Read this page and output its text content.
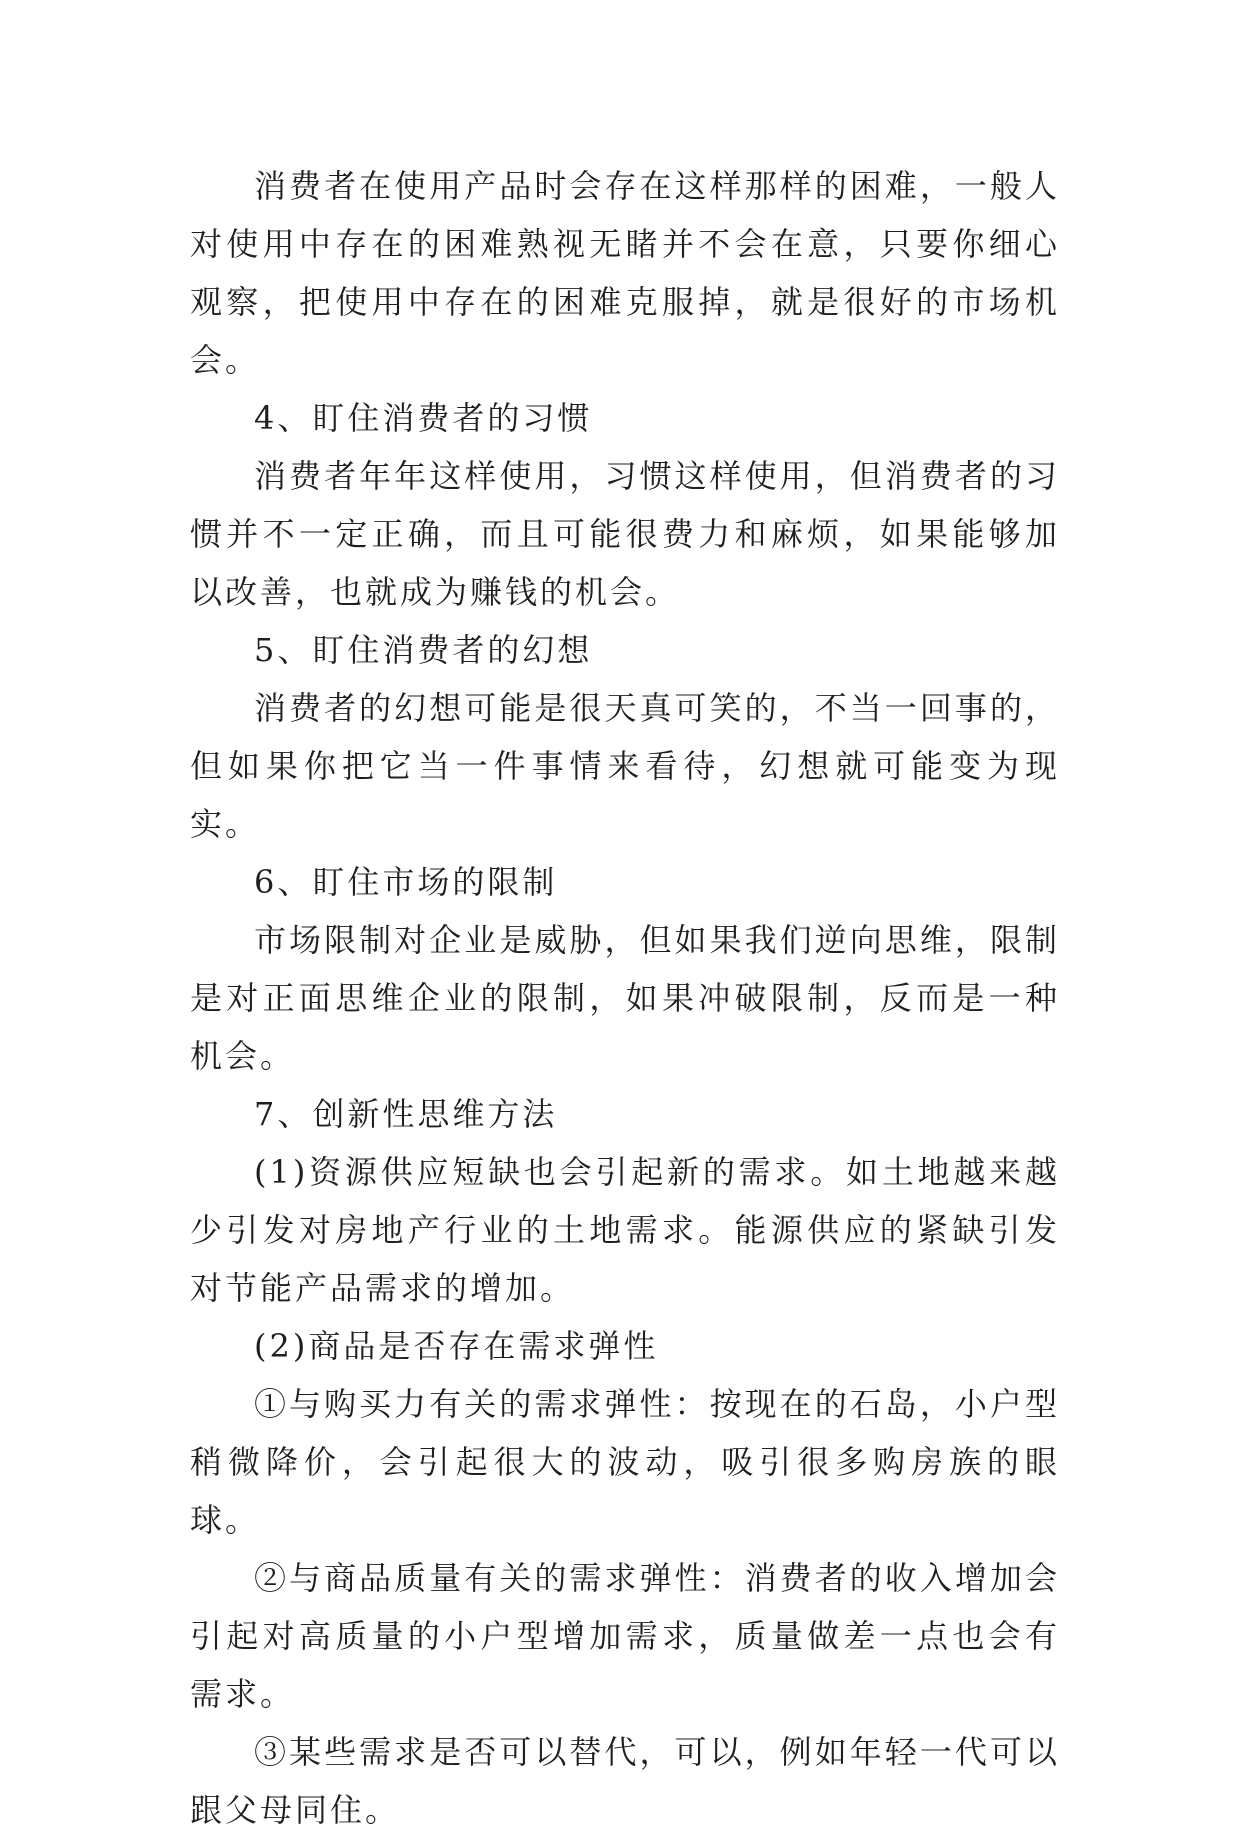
消费者在使用产品时会存在这样那样的困难，一般人对使用中存在的困难熟视无睹并不会在意，只要你细心观察，把使用中存在的困难克服掉，就是很好的市场机会。

4、盯住消费者的习惯

消费者年年这样使用，习惯这样使用，但消费者的习惯并不一定正确，而且可能很费力和麻烦，如果能够加以改善，也就成为赚钱的机会。

5、盯住消费者的幻想

消费者的幻想可能是很天真可笑的，不当一回事的，但如果你把它当一件事情来看待，幻想就可能变为现实。

6、盯住市场的限制

市场限制对企业是威胁，但如果我们逆向思维，限制是对正面思维企业的限制，如果冲破限制，反而是一种机会。

7、创新性思维方法

(1)资源供应短缺也会引起新的需求。如土地越来越少引发对房地产行业的土地需求。能源供应的紧缺引发对节能产品需求的增加。

(2)商品是否存在需求弹性

①与购买力有关的需求弹性：按现在的石岛，小户型稍微降价，会引起很大的波动，吸引很多购房族的眼球。

②与商品质量有关的需求弹性：消费者的收入增加会引起对高质量的小户型增加需求，质量做差一点也会有需求。

③某些需求是否可以替代，可以，例如年轻一代可以跟父母同住。
